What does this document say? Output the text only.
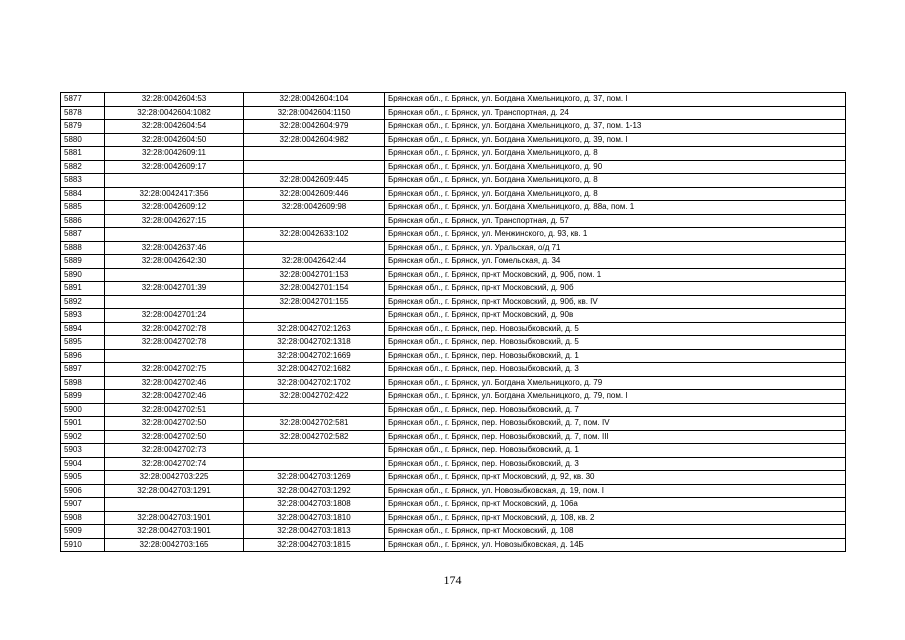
5877	32:28:0042604:53	32:28:0042604:104	Брянская обл., г. Брянск, ул. Богдана Хмельницкого, д. 37, пом. I
5878	32:28:0042604:1082	32:28:0042604:1150	Брянская обл., г. Брянск, ул. Транспортная, д. 24
5879	32:28:0042604:54	32:28:0042604:979	Брянская обл., г. Брянск, ул. Богдана Хмельницкого, д. 37, пом. 1-13
5880	32:28:0042604:50	32:28:0042604:982	Брянская обл., г. Брянск, ул. Богдана Хмельницкого, д. 39, пом. I
5881	32:28:0042609:11		Брянская обл., г. Брянск, ул. Богдана Хмельницкого, д. 8
5882	32:28:0042609:17		Брянская обл., г. Брянск, ул. Богдана Хмельницкого, д. 90
5883		32:28:0042609:445	Брянская обл., г. Брянск, ул. Богдана Хмельницкого, д. 8
5884	32:28:0042417:356	32:28:0042609:446	Брянская обл., г. Брянск, ул. Богдана Хмельницкого, д. 8
5885	32:28:0042609:12	32:28:0042609:98	Брянская обл., г. Брянск, ул. Богдана Хмельницкого, д. 88а, пом. 1
5886	32:28:0042627:15		Брянская обл., г. Брянск, ул. Транспортная, д. 57
5887		32:28:0042633:102	Брянская обл., г. Брянск, ул. Менжинского, д. 93, кв. 1
5888	32:28:0042637:46		Брянская обл., г. Брянск, ул. Уральская, о/д 71
5889	32:28:0042642:30	32:28:0042642:44	Брянская обл., г. Брянск, ул. Гомельская, д. 34
5890		32:28:0042701:153	Брянская обл., г. Брянск, пр-кт Московский, д. 90б, пом. 1
5891	32:28:0042701:39	32:28:0042701:154	Брянская обл., г. Брянск, пр-кт Московский, д. 90б
5892		32:28:0042701:155	Брянская обл., г. Брянск, пр-кт Московский, д. 90б, кв. IV
5893	32:28:0042701:24		Брянская обл., г. Брянск, пр-кт Московский, д. 90в
5894	32:28:0042702:78	32:28:0042702:1263	Брянская обл., г. Брянск, пер. Новозыбковский, д. 5
5895	32:28:0042702:78	32:28:0042702:1318	Брянская обл., г. Брянск, пер. Новозыбковский, д. 5
5896		32:28:0042702:1669	Брянская обл., г. Брянск, пер. Новозыбковский, д. 1
5897	32:28:0042702:75	32:28:0042702:1682	Брянская обл., г. Брянск, пер. Новозыбковский, д. 3
5898	32:28:0042702:46	32:28:0042702:1702	Брянская обл., г. Брянск, ул. Богдана Хмельницкого, д. 79
5899	32:28:0042702:46	32:28:0042702:422	Брянская обл., г. Брянск, ул. Богдана Хмельницкого, д. 79, пом. I
5900	32:28:0042702:51		Брянская обл., г. Брянск, пер. Новозыбковский, д. 7
5901	32:28:0042702:50	32:28:0042702:581	Брянская обл., г. Брянск, пер. Новозыбковский, д. 7, пом. IV
5902	32:28:0042702:50	32:28:0042702:582	Брянская обл., г. Брянск, пер. Новозыбковский, д. 7, пом. III
5903	32:28:0042702:73		Брянская обл., г. Брянск, пер. Новозыбковский, д. 1
5904	32:28:0042702:74		Брянская обл., г. Брянск, пер. Новозыбковский, д. 3
5905	32:28:0042703:225	32:28:0042703:1269	Брянская обл., г. Брянск, пр-кт Московский, д. 92, кв. 30
5906	32:28:0042703:1291	32:28:0042703:1292	Брянская обл., г. Брянск, ул. Новозыбковская, д. 19, пом. I
5907		32:28:0042703:1808	Брянская обл., г. Брянск, пр-кт Московский, д. 106а
5908	32:28:0042703:1901	32:28:0042703:1810	Брянская обл., г. Брянск, пр-кт Московский, д. 108, кв. 2
5909	32:28:0042703:1901	32:28:0042703:1813	Брянская обл., г. Брянск, пр-кт Московский, д. 108
5910	32:28:0042703:165	32:28:0042703:1815	Брянская обл., г. Брянск, ул. Новозыбковская, д. 14Б
174
